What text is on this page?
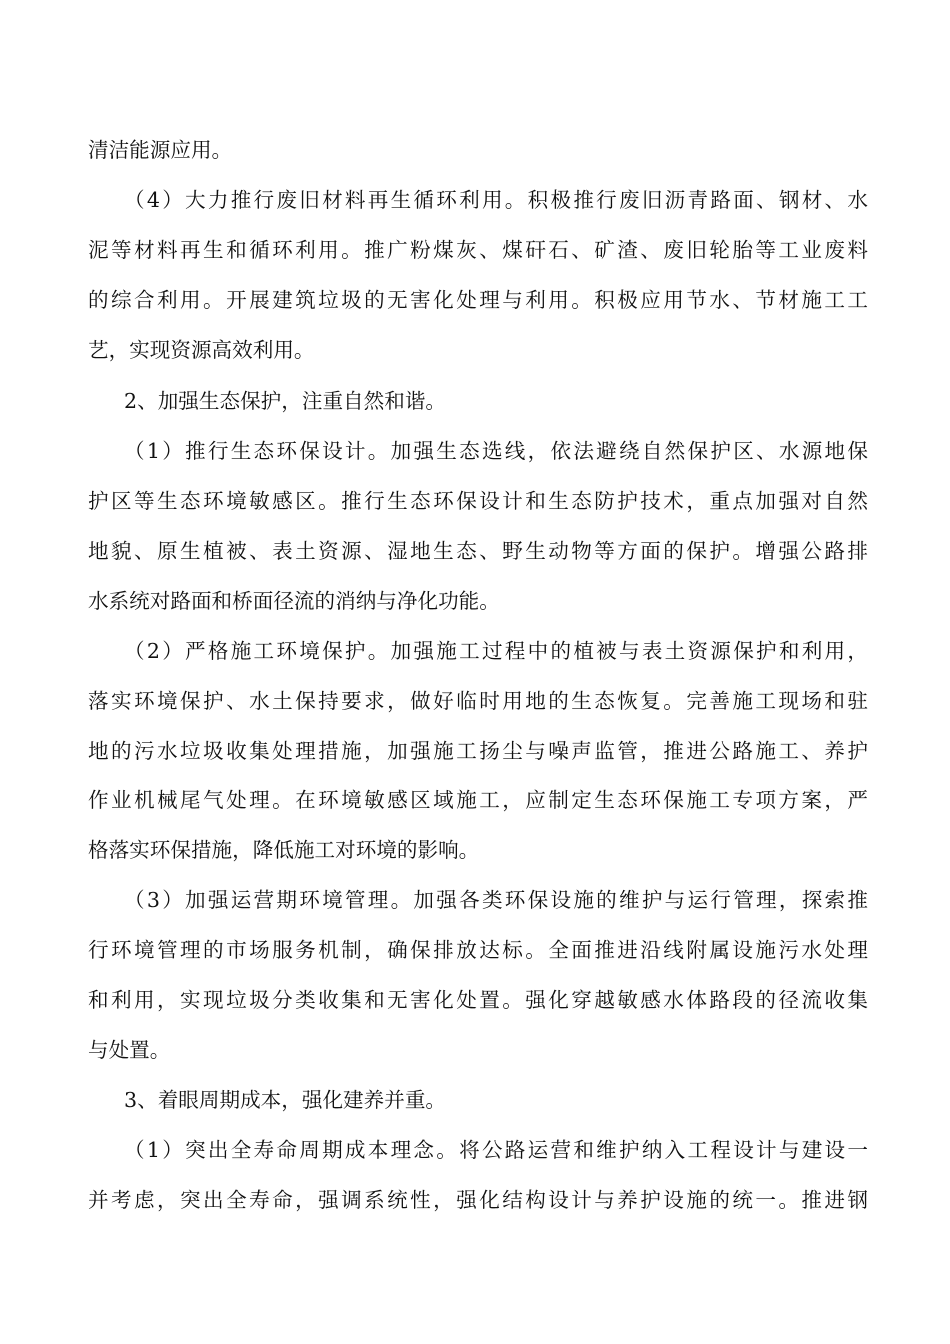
清洁能源应用。
（4）大力推行废旧材料再生循环利用。积极推行废旧沥青路面、钢材、水
泥等材料再生和循环利用。推广粉煤灰、煤矸石、矿渣、废旧轮胎等工业废料
的综合利用。开展建筑垃圾的无害化处理与利用。积极应用节水、节材施工工
艺，实现资源高效利用。
2、加强生态保护，注重自然和谐。
（1）推行生态环保设计。加强生态选线，依法避绕自然保护区、水源地保
护区等生态环境敏感区。推行生态环保设计和生态防护技术，重点加强对自然
地貌、原生植被、表土资源、湿地生态、野生动物等方面的保护。增强公路排
水系统对路面和桥面径流的消纳与净化功能。
（2）严格施工环境保护。加强施工过程中的植被与表土资源保护和利用，
落实环境保护、水土保持要求，做好临时用地的生态恢复。完善施工现场和驻
地的污水垃圾收集处理措施，加强施工扬尘与噪声监管，推进公路施工、养护
作业机械尾气处理。在环境敏感区域施工，应制定生态环保施工专项方案，严
格落实环保措施，降低施工对环境的影响。
（3）加强运营期环境管理。加强各类环保设施的维护与运行管理，探索推
行环境管理的市场服务机制，确保排放达标。全面推进沿线附属设施污水处理
和利用，实现垃圾分类收集和无害化处置。强化穿越敏感水体路段的径流收集
与处置。
3、着眼周期成本，强化建养并重。
（1）突出全寿命周期成本理念。将公路运营和维护纳入工程设计与建设一
并考虑，突出全寿命，强调系统性，强化结构设计与养护设施的统一。推进钢
